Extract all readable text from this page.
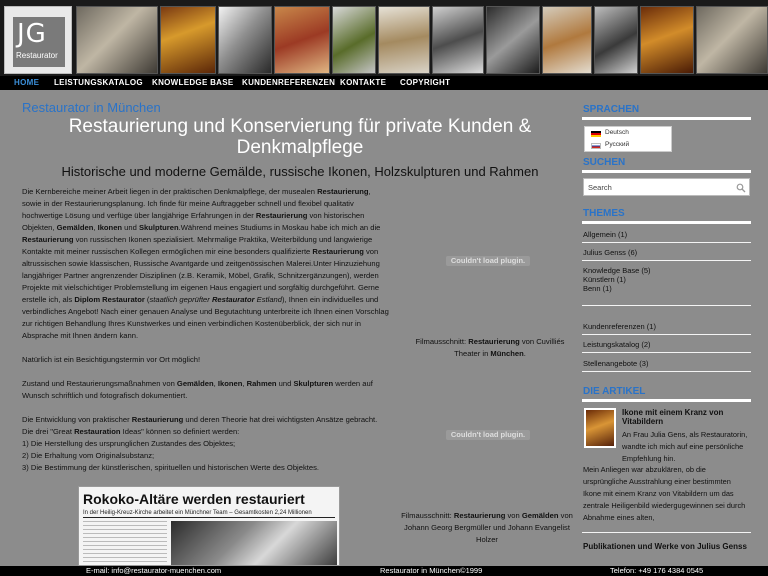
JG
Restaurator
HOME LEISTUNGSKATALOG KNOWLEDGE BASE KUNDENREFERENZEN KONTAKTE COPYRIGHT
Restaurator in München
Restaurierung und Konservierung für private Kunden & Denkmalpflege
Historische und moderne Gemälde, russische Ikonen, Holzskulpturen und Rahmen

Die Kernbereiche meiner Arbeit liegen in der praktischen Denkmalpflege, der musealen Restaurierung, sowie in der Restaurierungsplanung. Ich finde für meine Auftraggeber schnell und flexibel qualitativ hochwertige Lösung und verfüge über langjährige Erfahrungen in der Restaurierung von historischen Objekten, Gemälden, Ikonen und Skulpturen.Während meines Studiums in Moskau habe ich mich an die Restaurierung von russischen Ikonen spezialisiert. Mehrmalige Praktika, Weiterbildung und langwierige Kontakte mit meiner russischen Kollegen ermöglichen mir eine besonders qualifizierte Restaurierung von altrussischen sowie klassischen, Russische Avantgarde und zeitgenössischen Malerei.Unter Hinzuziehung langjähriger Partner angrenzender Disziplinen (z.B. Keramik, Möbel, Grafik, Schnitzergänzungen), werden Projekte mit vielschichtiger Problemstellung im eigenen Haus engagiert und sorgfältig durchgeführt. Gerne erstelle ich, als Diplom Restaurator (staatlich geprüfter Restaurator Estland), Ihnen ein individuelles und verbindliches Angebot! Nach einer genauen Analyse und Begutachtung unterbreite ich Ihnen einen Vorschlag zur richtigen Behandlung Ihres Kunstwerkes und einen verbindlichen Kostenüberblick, der sich nur in Absprache mit Ihnen ändern kann.

Natürlich ist ein Besichtigungstermin vor Ort möglich!

Zustand und Restaurierungsmaßnahmen von Gemälden, Ikonen, Rahmen und Skulpturen werden auf Wunsch schriftlich und fotografisch dokumentiert.

Die Entwicklung von praktischer Restaurierung und deren Theorie hat drei wichtigsten Ansätze gebracht. Die drei "Great Restauration Ideas" können so definiert werden:
1) Die Herstellung des ursprunglichen Zustandes des Objektes;
2) Die Erhaltung vom Originalsubstanz;
3) Die Bestimmung der künstlerischen, spirituellen und historischen Werte des Objektes.

Couldn't load plugin.

Filmausschnitt: Restaurierung von Cuvilliés Theater in München.

Couldn't load plugin.

Filmausschnitt: Restaurierung von Gemälden von Johann Georg Bergmüller und Johann Evangelist Holzer

Rokoko-Altäre werden restauriert
In der Heilig-Kreuz-Kirche arbeitet ein Münchner Team – Gesamtkosten 2,24 Millionen
SPRACHEN
Deutsch
Русский
SUCHEN
Search
THEMES
Allgemein (1)
Julius Genss (6)
Knowledge Base (5)
Künstlern (1)
Benn (1)
Kundenreferenzen (1)
Leistungskatalog (2)
Stellenangebote (3)
DIE ARTIKEL
Ikone mit einem Kranz von Vitabildern
An Frau Julia Gens, als Restauratorin, wandte ich mich auf eine persönliche Empfehlung hin.
Mein Anliegen war abzuklären, ob die ursprüngliche Ausstrahlung einer bestimmten Ikone mit einem Kranz von Vitabildern um das zentrale Heiligenbild wiedergugewinnen sei durch Abnahme eines alten,
Publikationen und Werke von Julius Genss
E-mail: info@restaurator-muenchen.com	Restaurator in München©1999	Telefon: +49 176 4384 0545
